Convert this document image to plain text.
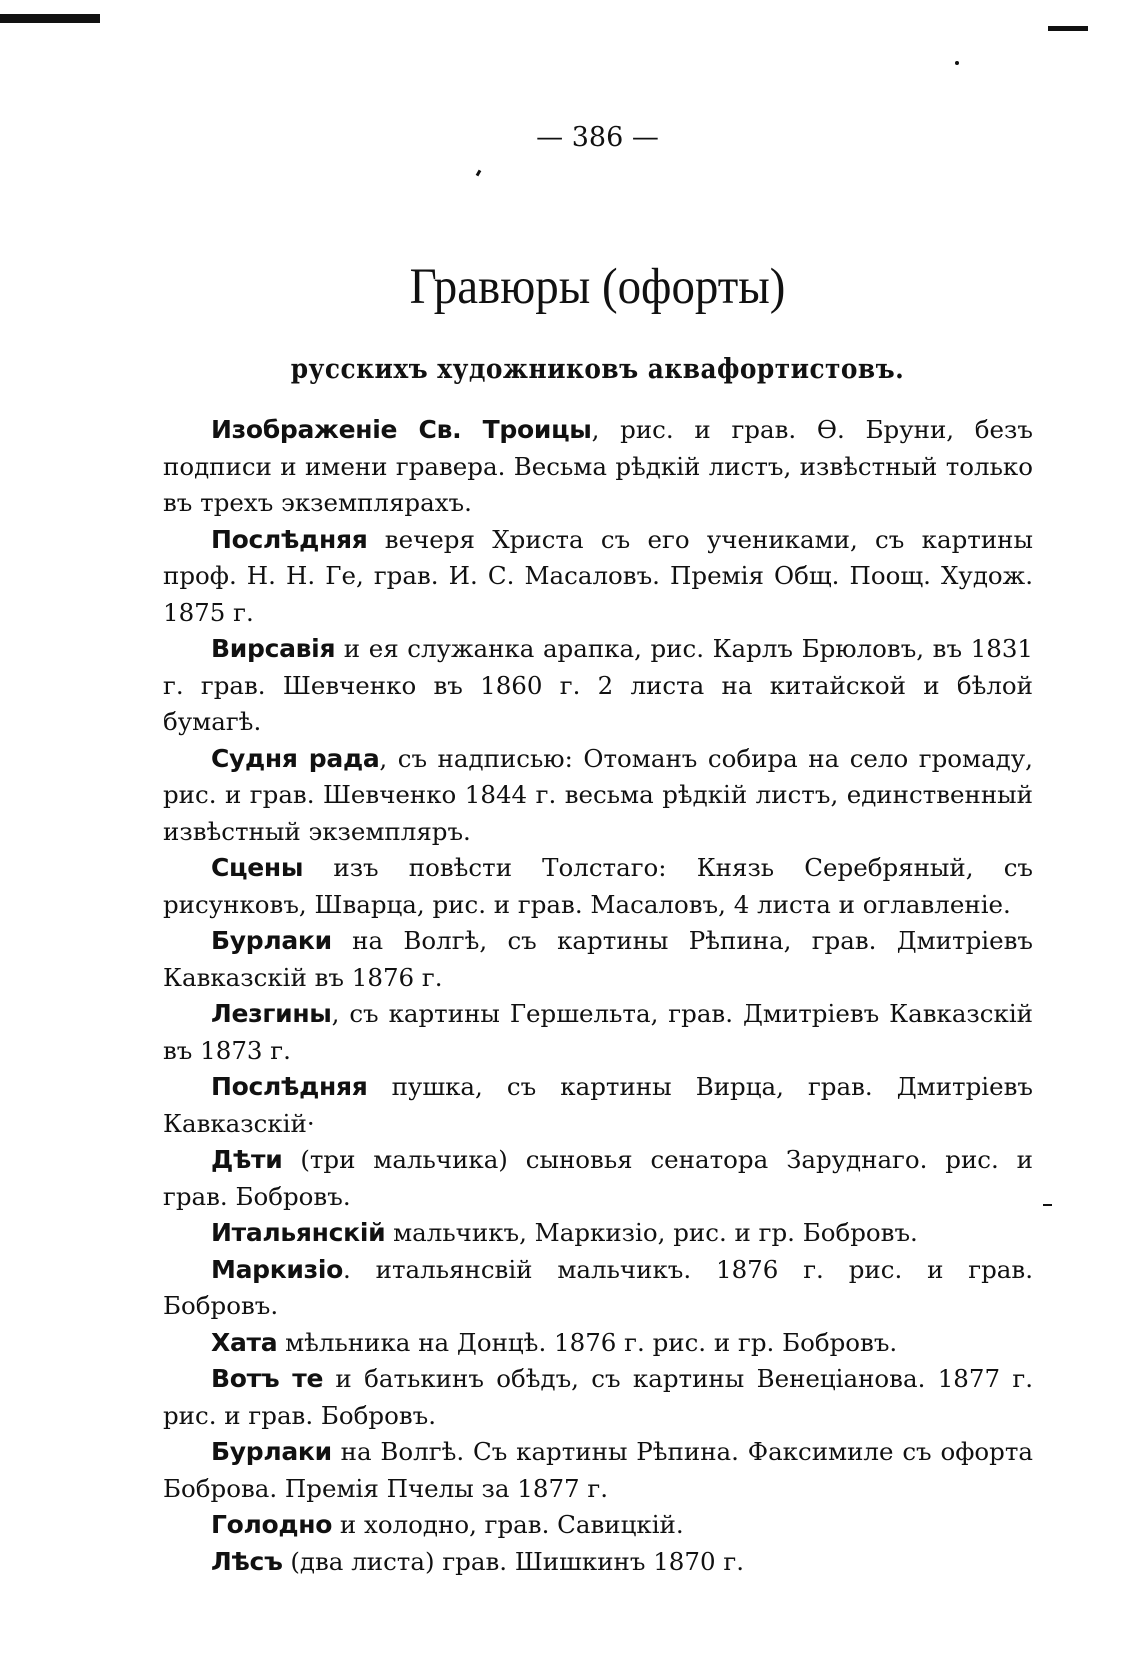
— 386 —
Гравюры (офорты)
русскихъ художниковъ аквафортистовъ.

Изображеніе Св. Троицы, рис. и грав. Ѳ. Бруни, безъ подписи и имени гравера. Весьма рѣдкій листъ, извѣстный только въ трехъ экземплярахъ.

Послѣдняя вечеря Христа съ его учениками, съ картины проф. Н. Н. Ге, грав. И. С. Масаловъ. Премія Общ. Поощ. Худож. 1875 г.

Вирсавія и ея служанка арапка, рис. Карлъ Брюловъ, въ 1831 г. грав. Шевченко въ 1860 г. 2 листа на китайской и бѣлой бумагѣ.

Судня рада, съ надписью: Отоманъ собира на село громаду, рис. и грав. Шевченко 1844 г. весьма рѣдкій листъ, единственный извѣстный экземпляръ.

Сцены изъ повѣсти Толстаго: Князь Серебряный, съ рисунковъ, Шварца, рис. и грав. Масаловъ, 4 листа и оглавленіе.

Бурлаки на Волгѣ, съ картины Рѣпина, грав. Дмитріевъ Кавказскій въ 1876 г.

Лезгины, съ картины Гершельта, грав. Дмитріевъ Кавказскій въ 1873 г.

Послѣдняя пушка, съ картины Вирца, грав. Дмитріевъ Кавказскій·

Дѣти (три мальчика) сыновья сенатора Заруднаго. рис. и грав. Бобровъ.

Итальянскій мальчикъ, Маркизіо, рис. и гр. Бобровъ.

Маркизіо. итальянсвій мальчикъ. 1876 г. рис. и грав. Бобровъ.

Хата мѣльника на Донцѣ. 1876 г. рис. и гр. Бобровъ.

Вотъ те и батькинъ обѣдъ, съ картины Венеціанова. 1877 г. рис. и грав. Бобровъ.

Бурлаки на Волгѣ. Съ картины Рѣпина. Факсимиле съ офорта Боброва. Премія Пчелы за 1877 г.

Голодно и холодно, грав. Савицкій.

Лѣсъ (два листа) грав. Шишкинъ 1870 г.
